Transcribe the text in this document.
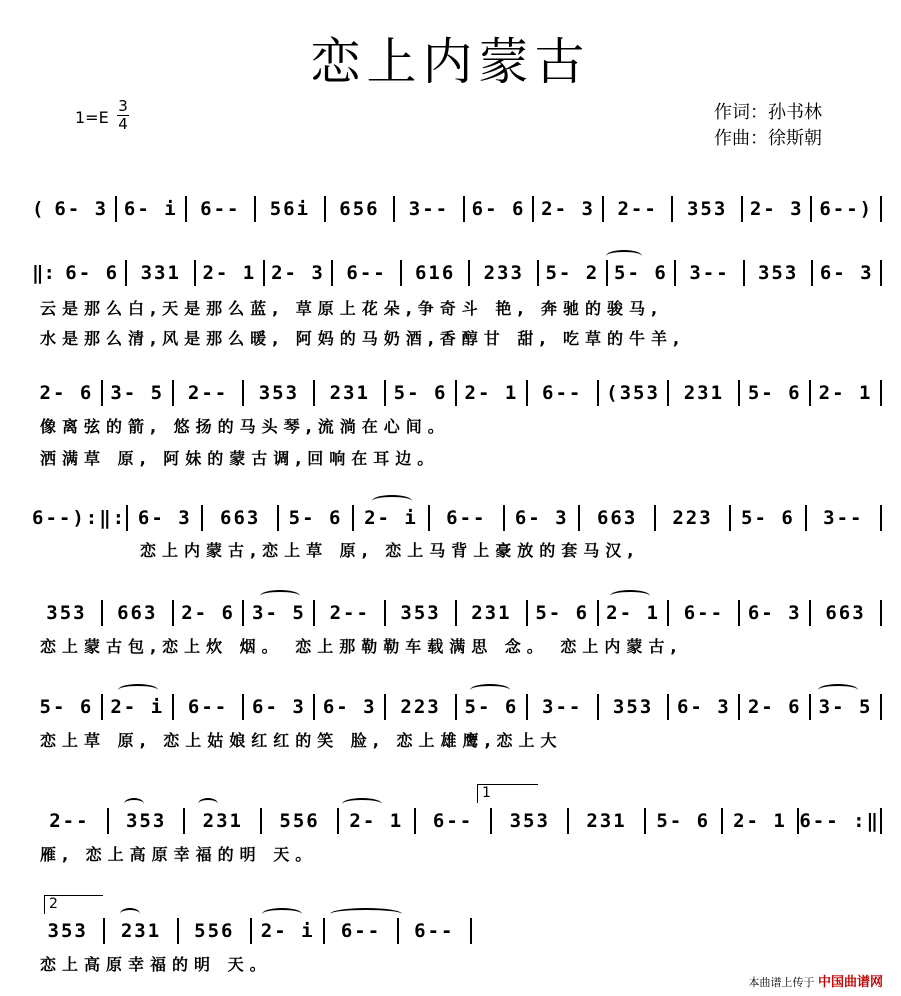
恋上内蒙古
1=E
3
4
作词：孙书林
作曲：徐斯朝
( 6- 3 6- i	6--	56i	656	3--	6- 6 2- 3	2--	353	2- 3 6--)
‖: 6- 6	331	2- 1 2- 3	6--	616	233	5- 2 5- 6	3--	353	6- 3
云是那么白,天是那么蓝, 草原上花朵,争奇斗 艳, 奔驰的骏马,
水是那么清,风是那么暖, 阿妈的马奶酒,香醇甘 甜, 吃草的牛羊,
2- 6 3- 5	2--	353	231	5- 6 2- 1	6--	(353	231	5- 6 2- 1
像离弦的箭, 悠扬的马头琴,流淌在心间。
洒满草 原, 阿妹的蒙古调,回响在耳边。
6--):‖: 6- 3	663	5- 6	2- i	6--	6- 3	663	223	5- 6	3--
恋上内蒙古,恋上草 原, 恋上马背上豪放的套马汉,
353	663	2- 6 3- 5	2--	353	231	5- 6 2- 1	6--	6- 3	663
恋上蒙古包,恋上炊 烟。 恋上那勒勒车载满思 念。 恋上内蒙古,
5- 6 2- i	6--	6- 3 6- 3	223	5- 6	3--	353	6- 3 2- 6 3- 5
恋上草 原, 恋上姑娘红红的笑 脸, 恋上雄鹰,恋上大
1
2--	353	231	556	2- 1	6--	353	231	5- 6	2- 1 6-- :‖
雁, 恋上高原幸福的明 天。
2
353	231	556	2- i	6--	6--
恋上高原幸福的明 天。
本曲谱上传于 中国曲谱网
